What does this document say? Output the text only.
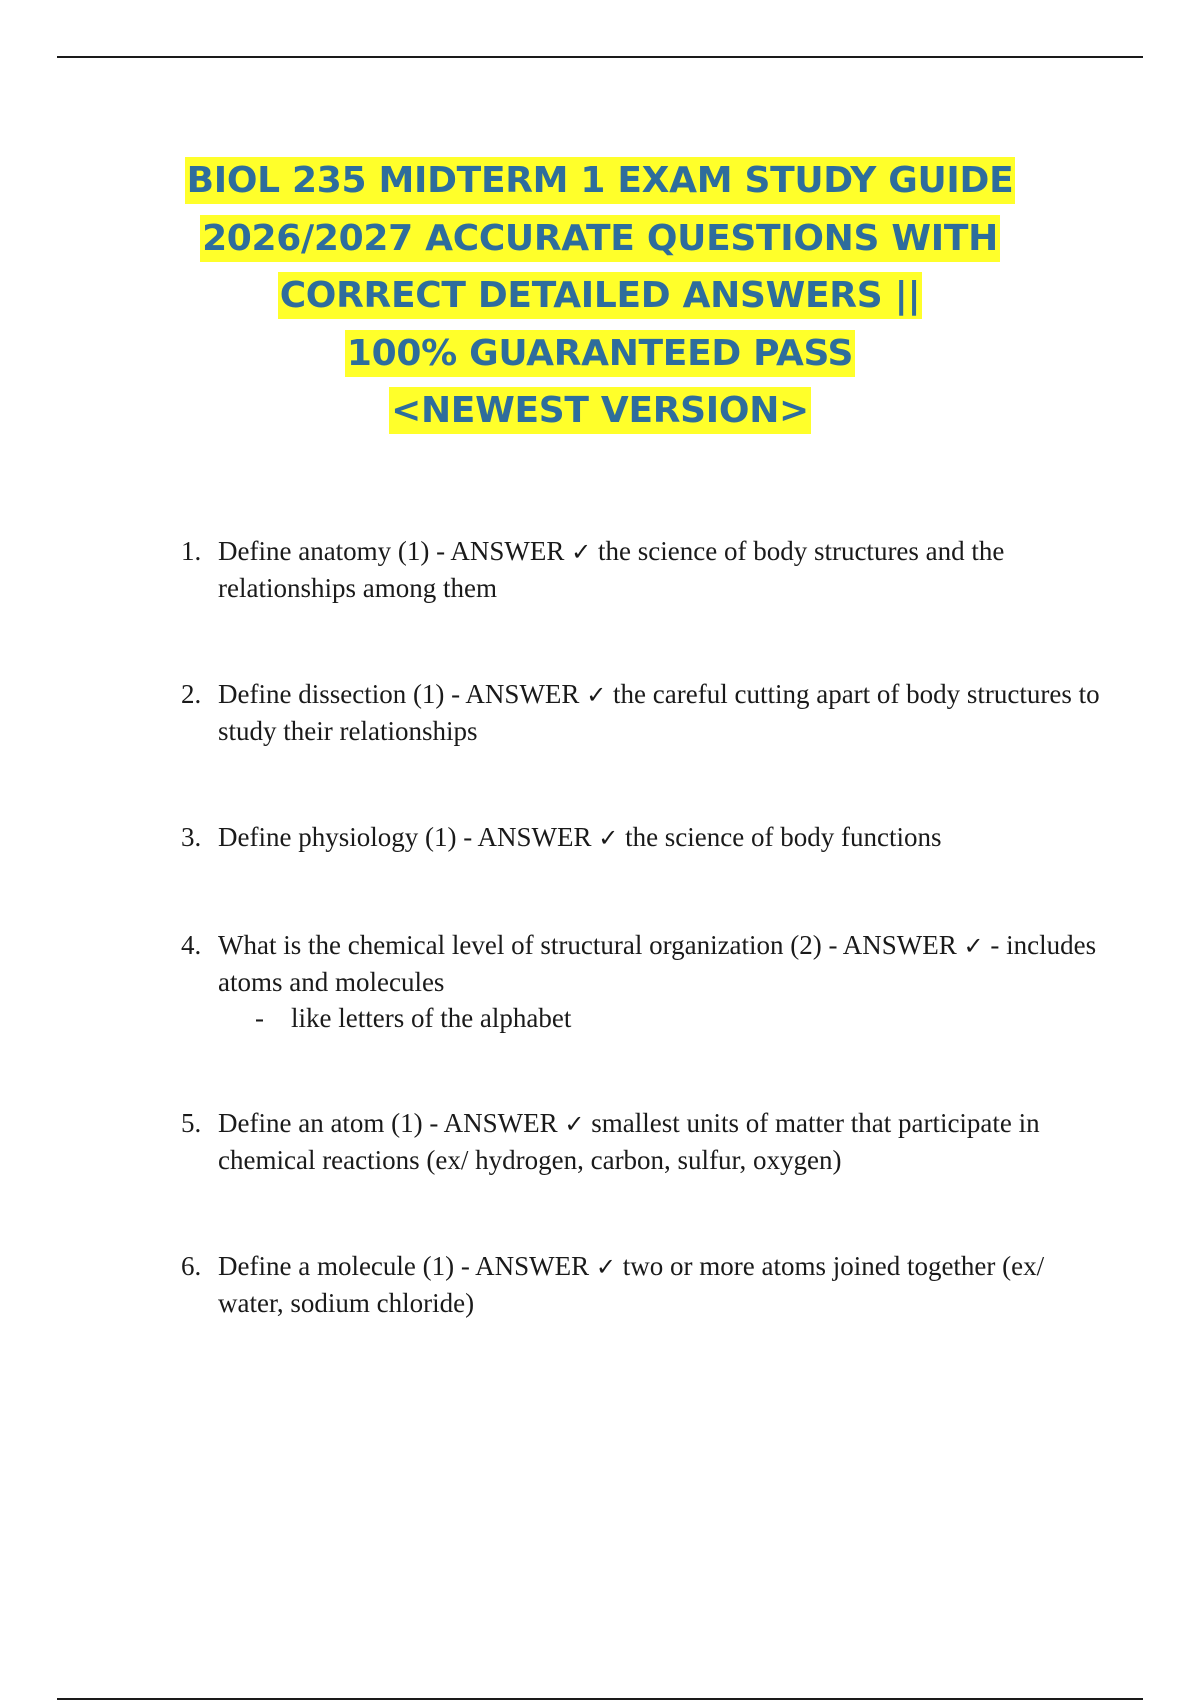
BIOL 235 MIDTERM 1 EXAM STUDY GUIDE
2026/2027 ACCURATE QUESTIONS WITH
CORRECT DETAILED ANSWERS ||
100% GUARANTEED PASS
<NEWEST VERSION>
1. Define anatomy (1) - ANSWER ✓ the science of body structures and the relationships among them
2. Define dissection (1) - ANSWER ✓ the careful cutting apart of body structures to study their relationships
3. Define physiology (1) - ANSWER ✓ the science of body functions
4. What is the chemical level of structural organization (2) - ANSWER ✓ - includes atoms and molecules
- like letters of the alphabet
5. Define an atom (1) - ANSWER ✓ smallest units of matter that participate in chemical reactions (ex/ hydrogen, carbon, sulfur, oxygen)
6. Define a molecule (1) - ANSWER ✓ two or more atoms joined together (ex/ water, sodium chloride)
